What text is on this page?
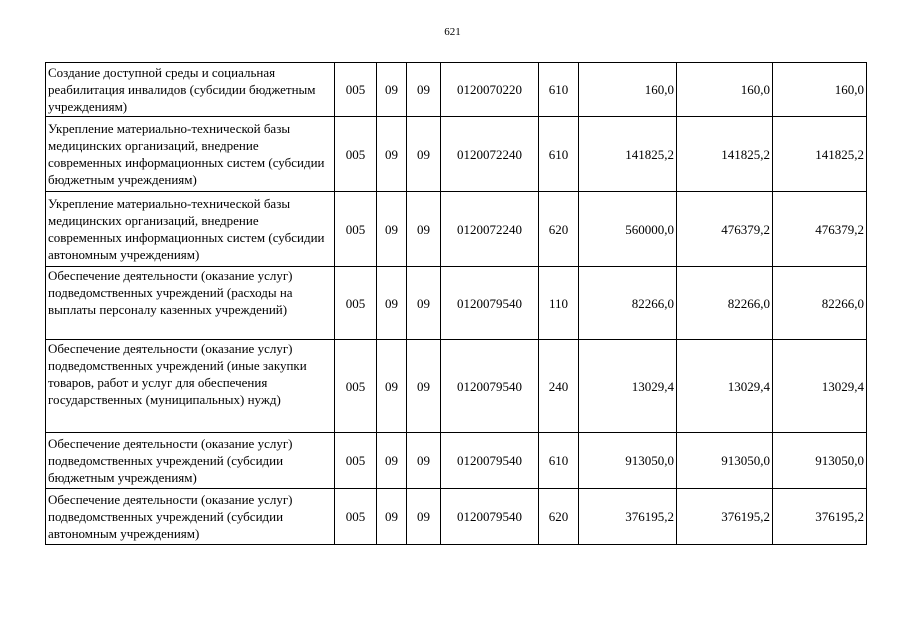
621
Создание доступной среды и социальная реабилитация инвалидов (субсидии бюджетным учреждениям)	005	09	09	0120070220	610	160,0	160,0	160,0
Укрепление материально-технической базы медицинских организаций, внедрение современных информационных систем (субсидии бюджетным учреждениям)	005	09	09	0120072240	610	141825,2	141825,2	141825,2
Укрепление материально-технической базы медицинских организаций, внедрение современных информационных систем (субсидии автономным учреждениям)	005	09	09	0120072240	620	560000,0	476379,2	476379,2
Обеспечение деятельности (оказание услуг) подведомственных учреждений (расходы на выплаты персоналу казенных учреждений)	005	09	09	0120079540	110	82266,0	82266,0	82266,0
Обеспечение деятельности (оказание услуг) подведомственных учреждений (иные закупки товаров, работ и услуг для обеспечения государственных (муниципальных) нужд)	005	09	09	0120079540	240	13029,4	13029,4	13029,4
Обеспечение деятельности (оказание услуг) подведомственных учреждений (субсидии бюджетным учреждениям)	005	09	09	0120079540	610	913050,0	913050,0	913050,0
Обеспечение деятельности (оказание услуг) подведомственных учреждений (субсидии автономным учреждениям)	005	09	09	0120079540	620	376195,2	376195,2	376195,2
